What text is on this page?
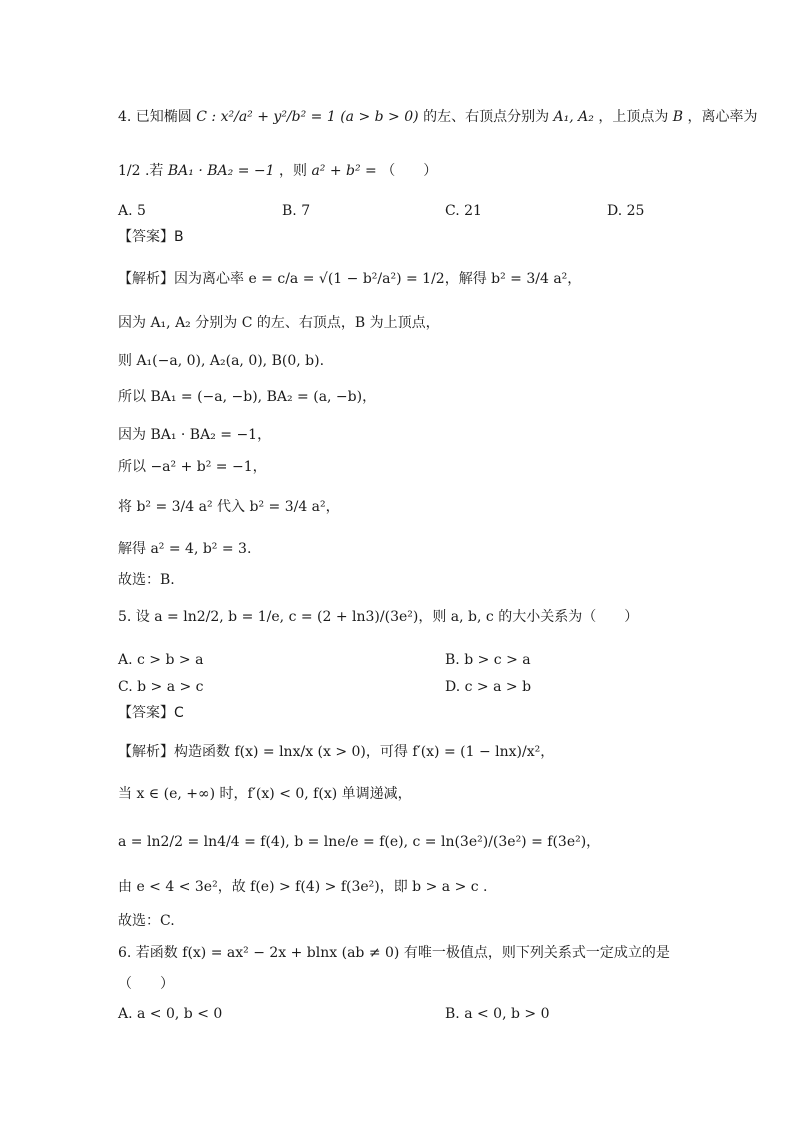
4. 已知椭圆 C : x²/a² + y²/b² = 1 (a > b > 0) 的左、右顶点分别为 A₁, A₂ ，上顶点为 B ，离心率为
1/2 .若 BA₁ · BA₂ = −1 ，则 a² + b² = （　　）
A. 5	B. 7	C. 21	D. 25
【答案】B
【解析】因为离心率 e = c/a = √(1 − b²/a²) = 1/2，解得 b² = 3/4 a²，
因为 A₁, A₂ 分别为 C 的左、右顶点，B 为上顶点，
则 A₁(−a, 0), A₂(a, 0), B(0, b).
所以 BA₁ = (−a, −b), BA₂ = (a, −b)，
因为 BA₁ · BA₂ = −1，
所以 −a² + b² = −1，
将 b² = 3/4 a² 代入 b² = 3/4 a²，
解得 a² = 4, b² = 3.
故选：B.
5. 设 a = ln2/2, b = 1/e, c = (2 + ln3)/(3e²)，则 a, b, c 的大小关系为（　　）
A. c > b > a	B. b > c > a
C. b > a > c	D. c > a > b
【答案】C
【解析】构造函数 f(x) = lnx/x (x > 0)，可得 f′(x) = (1 − lnx)/x²，
当 x ∈ (e, +∞) 时，f′(x) < 0, f(x) 单调递减，
a = ln2/2 = ln4/4 = f(4), b = lne/e = f(e), c = ln(3e²)/(3e²) = f(3e²)，
由 e < 4 < 3e²，故 f(e) > f(4) > f(3e²)，即 b > a > c .
故选：C.
6. 若函数 f(x) = ax² − 2x + blnx (ab ≠ 0) 有唯一极值点，则下列关系式一定成立的是
（　　）
A. a < 0, b < 0	B. a < 0, b > 0
